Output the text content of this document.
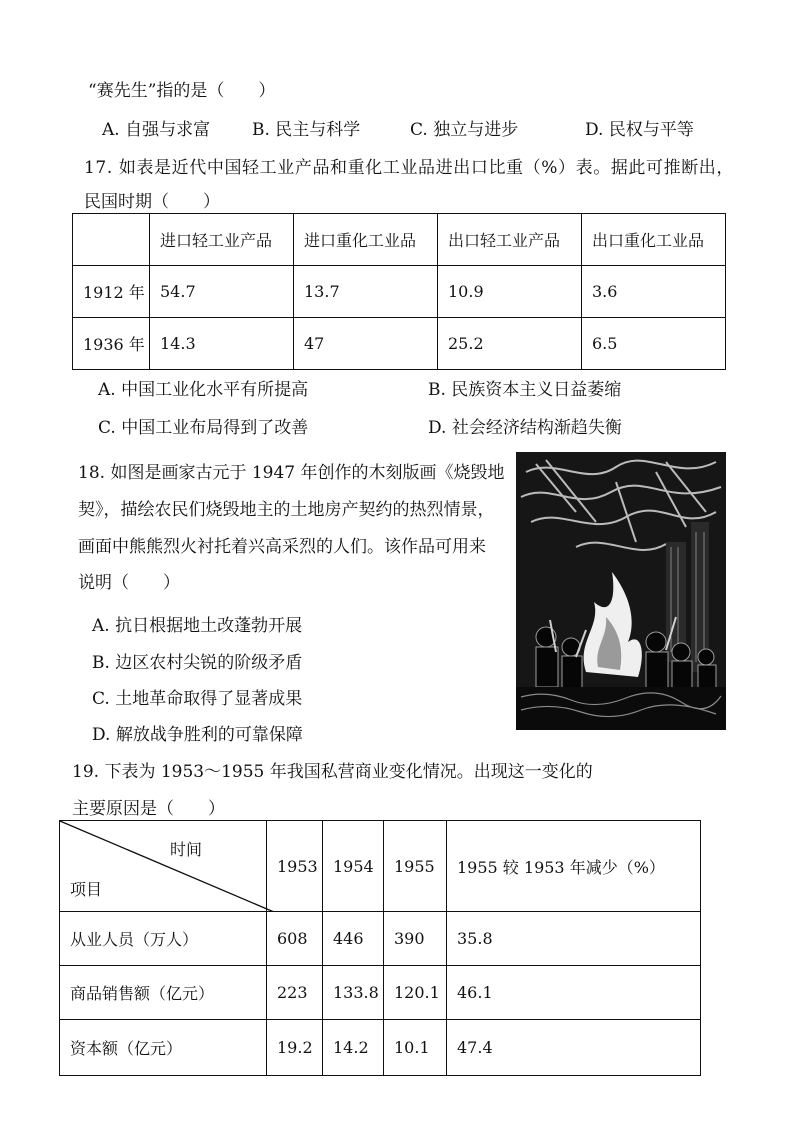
“赛先生”指的是（　　）
A. 自强与求富 B. 民主与科学	C. 独立与进步	D. 民权与平等
17. 如表是近代中国轻工业产品和重化工业品进出口比重（%）表。据此可推断出，
民国时期（　　）
	进口轻工业产品	进口重化工业品	出口轻工业产品	出口重化工业品
1912 年	54.7	13.7	10.9	3.6
1936 年	14.3	47	25.2	6.5
A. 中国工业化水平有所提高	B. 民族资本主义日益萎缩
C. 中国工业布局得到了改善	D. 社会经济结构渐趋失衡
18. 如图是画家古元于 1947 年创作的木刻版画《烧毁地
契》，描绘农民们烧毁地主的土地房产契约的热烈情景，
画面中熊熊烈火衬托着兴高采烈的人们。该作品可用来
说明（　　）
A. 抗日根据地土改蓬勃开展
B. 边区农村尖锐的阶级矛盾
C. 土地革命取得了显著成果
D. 解放战争胜利的可靠保障
19. 下表为 1953～1955 年我国私营商业变化情况。出现这一变化的
主要原因是（　　）
时间
项目	1953	1954	1955	1955 较 1953 年减少（%）
从业人员（万人）	608	446	390	35.8
商品销售额（亿元）	223	133.8	120.1	46.1
资本额（亿元）	19.2	14.2	10.1	47.4
